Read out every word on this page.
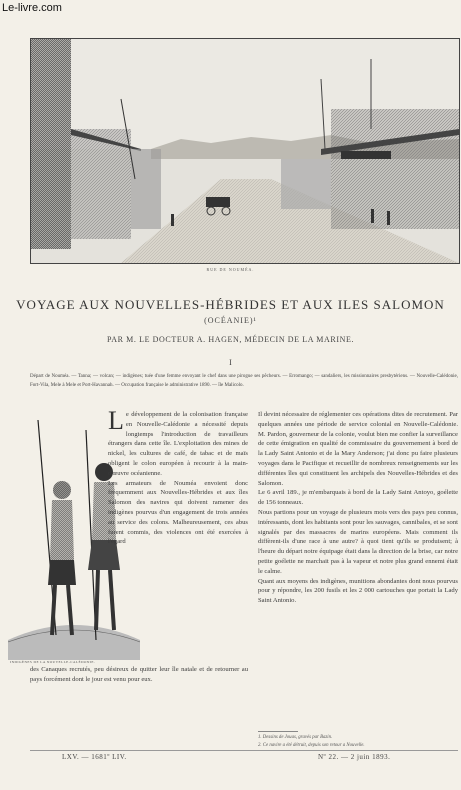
Le-livre.com
RUE DE NOUMÉA.
VOYAGE AUX NOUVELLES-HÉBRIDES ET AUX ILES SALOMON
(OCÉANIE)¹
PAR M. LE DOCTEUR A. HAGEN, MÉDECIN DE LA MARINE.
I
Départ de Nouméa. — Tanna; — volcan; — indigènes; tuée d'une femme envoyant le chef dans une pirogue ses pêcheurs. — Erromango; — sandaliers, les missionnaires presbytériens. — Nouvelle-Calédonie, Fort-Vila, Mele à Mele et Port-Havannah. — Occupation française le administrative 1890. — île Malicolo.
INDIGÈNES DE LA NOUVELLE-CALÉDONIE.

Le développement de la colonisation française en Nouvelle-Calédonie a nécessité depuis longtemps l'introduction de travailleurs étrangers dans cette île. L'exploitation des mines de nickel, les cultures de café, de tabac et de maïs obligent le colon européen à recourir à la main-d'œuvre océanienne.

Les armateurs de Nouméa envoient donc fréquemment aux Nouvelles-Hébrides et aux îles Salomon des navires qui doivent ramener des indigènes pourvus d'un engagement de trois années au service des colons. Malheureusement, ces abus furent commis, des violences ont été exercées à l'égard

des Canaques recrutés, peu désireux de quitter leur île natale et de retourner au pays forcément dont le jour est venu pour eux.

Il devint nécessaire de réglementer ces opérations dites de recrutement. Par quelques années une période de service colonial en Nouvelle-Calédonie. M. Pardon, gouverneur de la colonie, voulut bien me confier la surveillance de cette émigration en qualité de commissaire du gouvernement à bord de la Lady Saint Antonio et de la Mary Anderson; j'ai donc pu faire plusieurs voyages dans le Pacifique et recueillir de nombreux renseignements sur les différentes îles qui constituent les archipels des Nouvelles-Hébrides et des Salomon.

Le 6 avril 189., je m'embarquais à bord de la Lady Saint Antoyo, goélette de 156 tonneaux.

Nous partions pour un voyage de plusieurs mois vers des pays peu connus, intéressants, dont les habitants sont pour les sauvages, cannibales, et se sont signalés par des massacres de marins européens. Mais comment ils diffèrent-ils d'une race à une autre? à quoi tient qu'ils se produisent; à l'heure du départ notre équipage était dans la direction de la brise, car notre petite goélette ne marchait pas à la vapeur et notre plus grand ennemi était le calme.

Quant aux moyens des indigènes, munitions abondantes dont nous pourvus pour y répondre, les 200 fusils et les 2 000 cartouches que portait la Lady Saint Antonio.

1. Dessins de Jouas, gravés par Bazin.
2. Ce navire a été détruit, depuis son retour a Nouvelle.
LXV. — 1681º LIV.	Nº 22. — 2 juin 1893.
